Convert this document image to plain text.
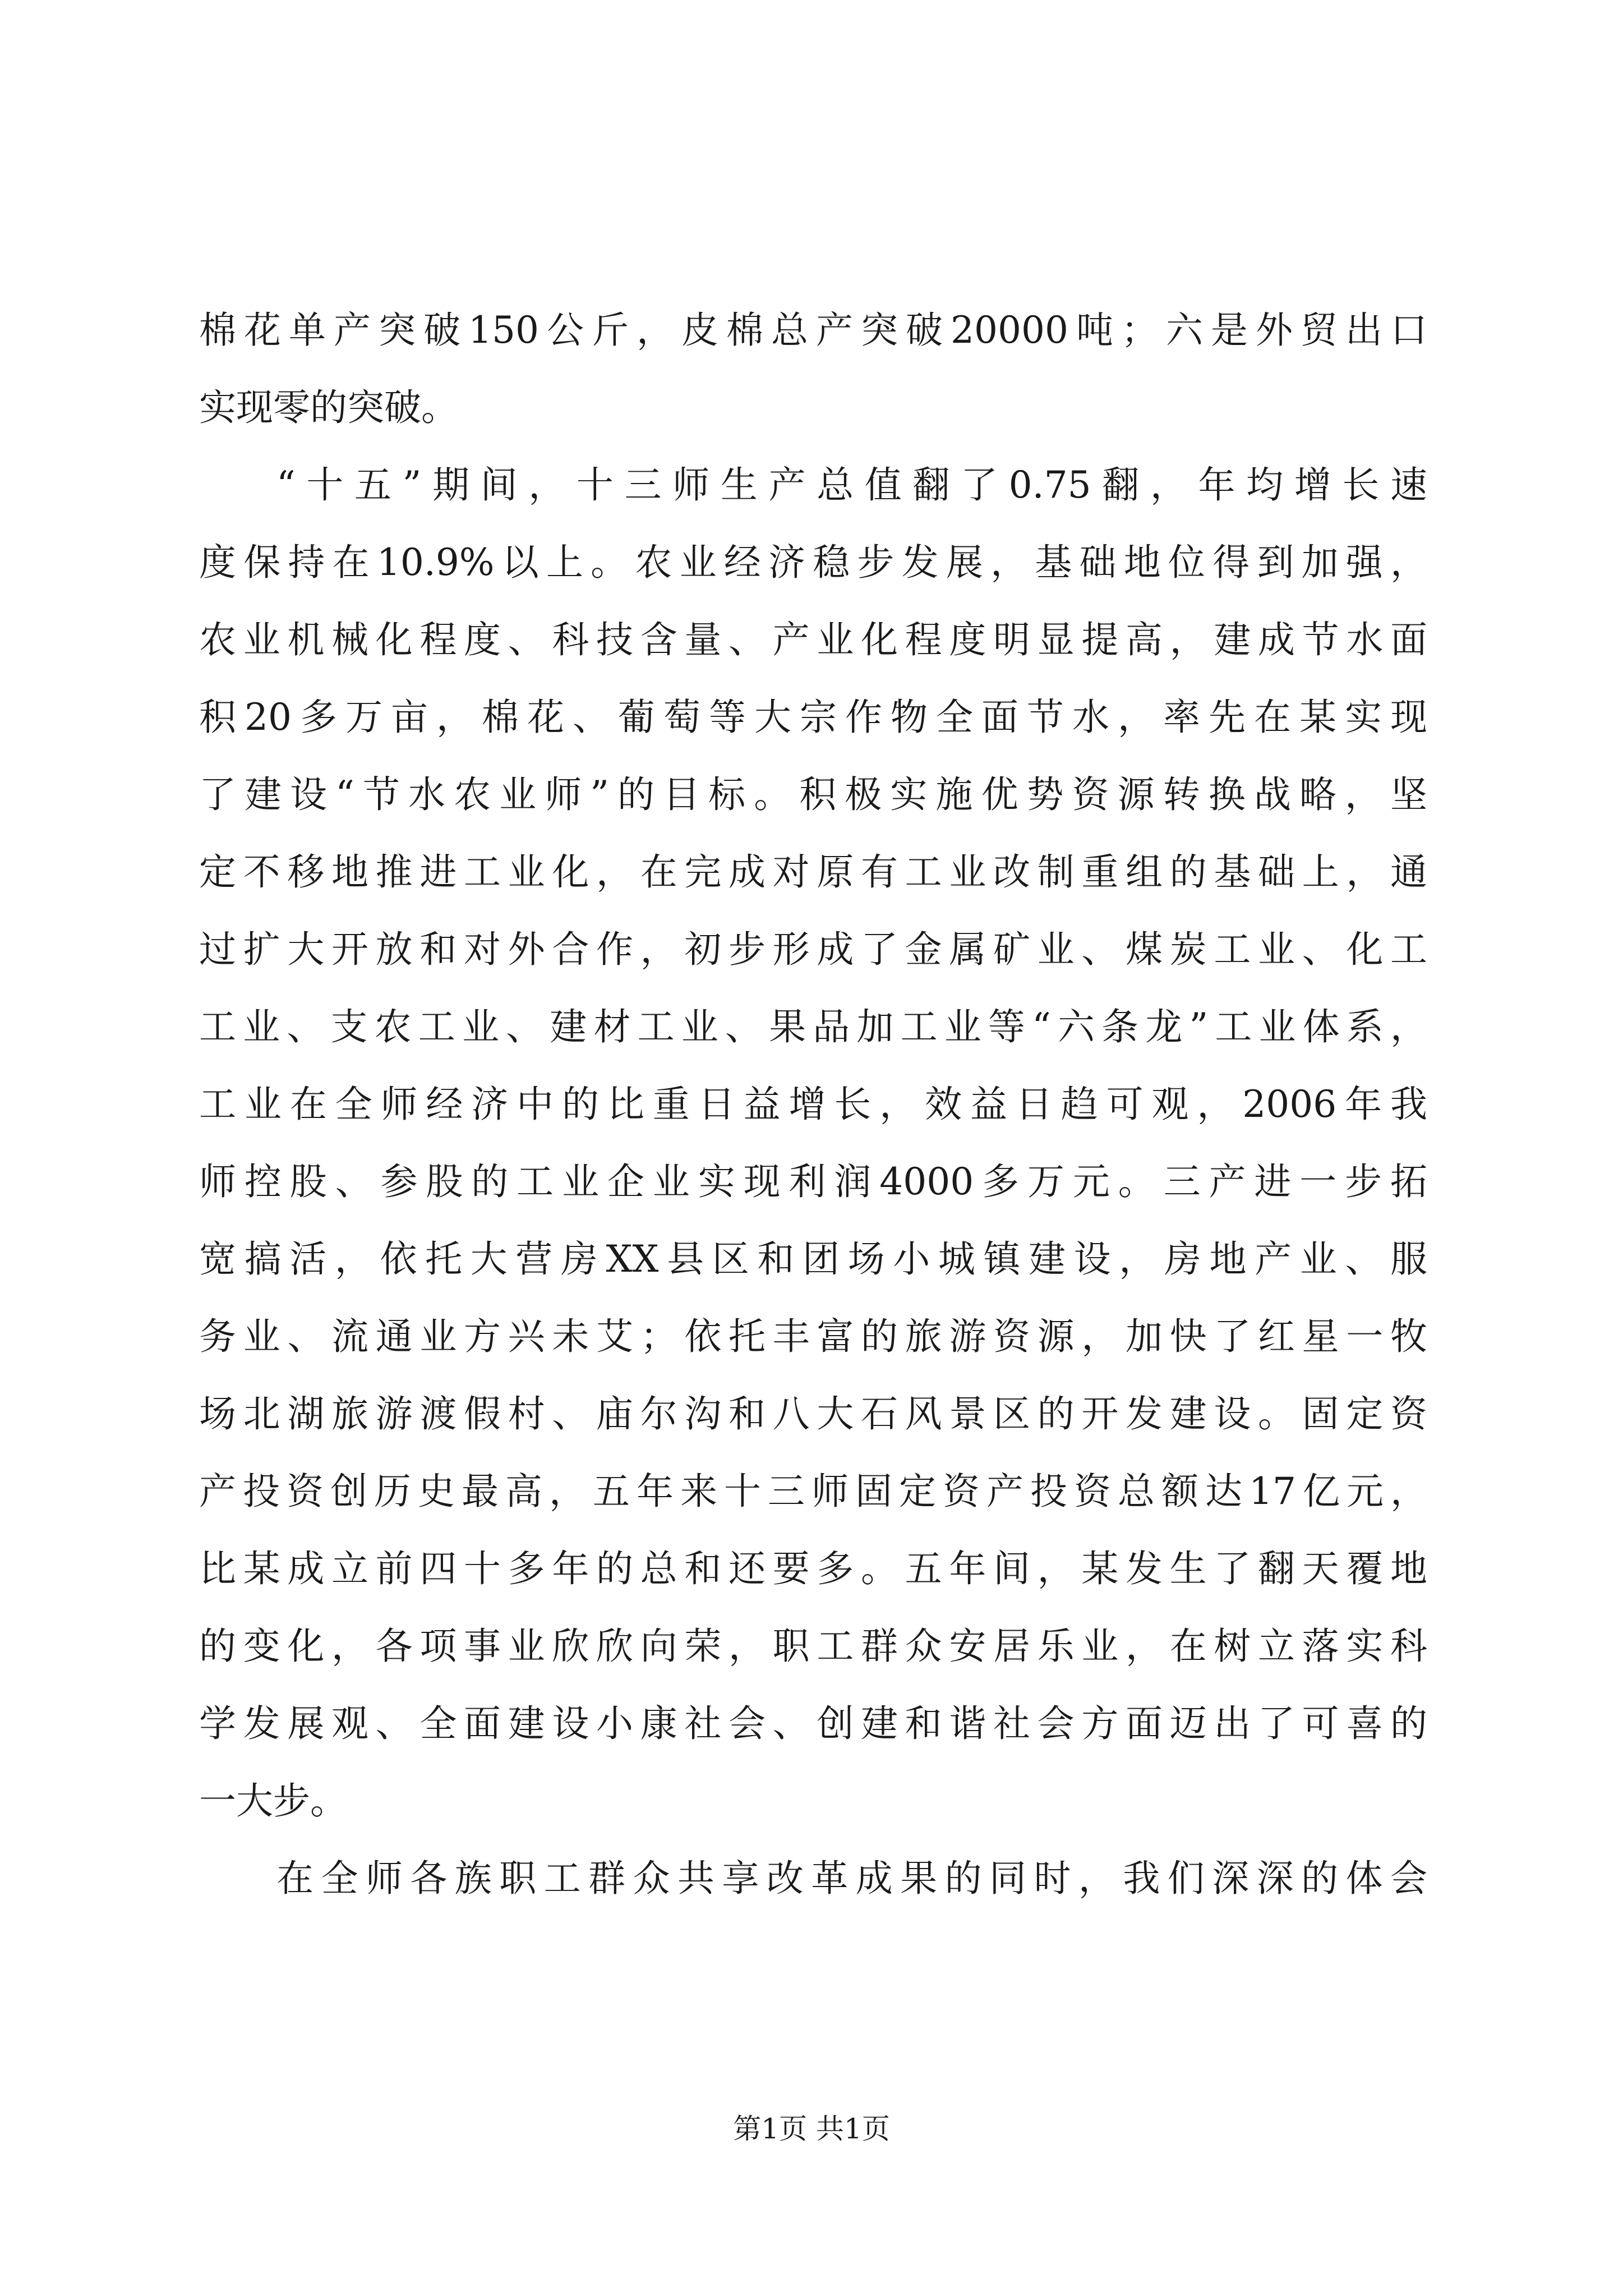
棉花单产突破150公斤，皮棉总产突破20000吨；六是外贸出口
实现零的突破。
“十五”期间，十三师生产总值翻了0.75翻，年均增长速
度保持在10.9%以上。农业经济稳步发展，基础地位得到加强，
农业机械化程度、科技含量、产业化程度明显提高，建成节水面
积20多万亩，棉花、葡萄等大宗作物全面节水，率先在某实现
了建设“节水农业师”的目标。积极实施优势资源转换战略，坚
定不移地推进工业化，在完成对原有工业改制重组的基础上，通
过扩大开放和对外合作，初步形成了金属矿业、煤炭工业、化工
工业、支农工业、建材工业、果品加工业等“六条龙”工业体系，
工业在全师经济中的比重日益增长，效益日趋可观，2006年我
师控股、参股的工业企业实现利润4000多万元。三产进一步拓
宽搞活，依托大营房XX县区和团场小城镇建设，房地产业、服
务业、流通业方兴未艾；依托丰富的旅游资源，加快了红星一牧
场北湖旅游渡假村、庙尔沟和八大石风景区的开发建设。固定资
产投资创历史最高，五年来十三师固定资产投资总额达17亿元，
比某成立前四十多年的总和还要多。五年间，某发生了翻天覆地
的变化，各项事业欣欣向荣，职工群众安居乐业，在树立落实科
学发展观、全面建设小康社会、创建和谐社会方面迈出了可喜的
一大步。
在全师各族职工群众共享改革成果的同时，我们深深的体会
第1页 共1页
